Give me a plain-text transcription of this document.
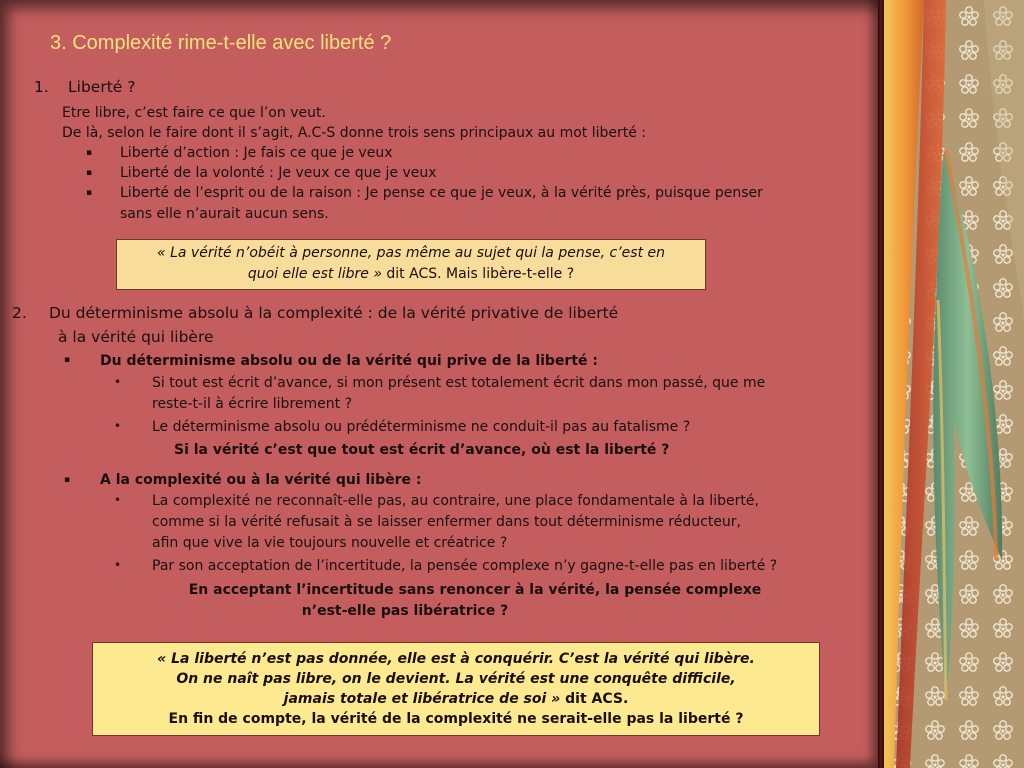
3. Complexité rime-t-elle avec liberté ?
1. Liberté ?
Etre libre, c’est faire ce que l’on veut.
De là, selon le faire dont il s’agit, A.C-S donne trois sens principaux au mot liberté :
▪ Liberté d’action : Je fais ce que je veux
▪ Liberté de la volonté : Je veux ce que je veux
▪ Liberté de l’esprit ou de la raison : Je pense ce que je veux, à la vérité près, puisque penser
sans elle n’aurait aucun sens.
« La vérité n’obéit à personne, pas même au sujet qui la pense, c’est en
quoi elle est libre » dit ACS. Mais libère-t-elle ?
2. Du déterminisme absolu à la complexité : de la vérité privative de liberté
à la vérité qui libère
▪ Du déterminisme absolu ou de la vérité qui prive de la liberté :
• Si tout est écrit d’avance, si mon présent est totalement écrit dans mon passé, que me
reste-t-il à écrire librement ?
• Le déterminisme absolu ou prédéterminisme ne conduit-il pas au fatalisme ?
Si la vérité c’est que tout est écrit d’avance, où est la liberté ?
▪ A la complexité ou à la vérité qui libère :
• La complexité ne reconnaît-elle pas, au contraire, une place fondamentale à la liberté,
comme si la vérité refusait à se laisser enfermer dans tout déterminisme réducteur,
afin que vive la vie toujours nouvelle et créatrice ?
• Par son acceptation de l’incertitude, la pensée complexe n’y gagne-t-elle pas en liberté ?
En acceptant l’incertitude sans renoncer à la vérité, la pensée complexe
n’est-elle pas libératrice ?
« La liberté n’est pas donnée, elle est à conquérir. C’est la vérité qui libère.
On ne naît pas libre, on le devient. La vérité est une conquête difficile,
jamais totale et libératrice de soi » dit ACS.
En fin de compte, la vérité de la complexité ne serait-elle pas la liberté ?
